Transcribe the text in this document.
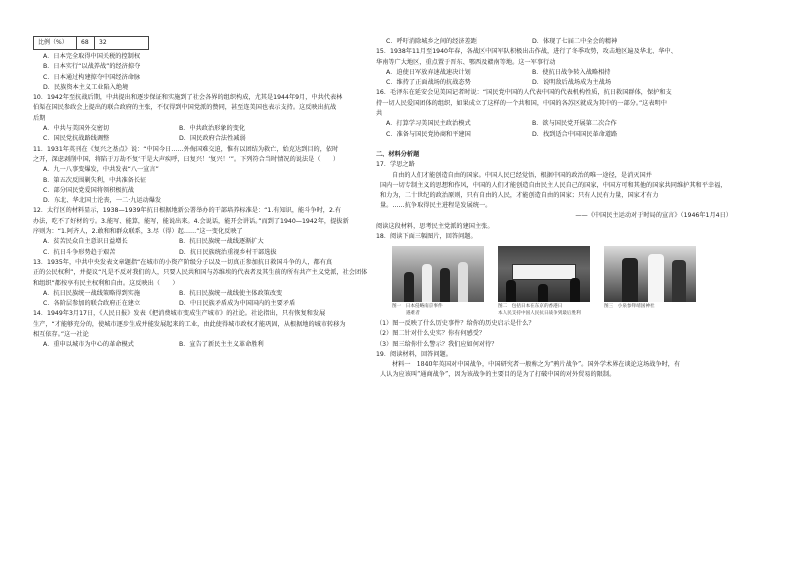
比例（%）	68	32
A．日本完全取得中国关税的控制权
B．日本实行“以战养战”的经济掠夺
C．日本通过构建掠夺中国经济命脉
D．民族资本主义工业陷入绝境
10．1942年至抗战后期，中共提出和逐步保证和实施到了社会各界的组织构成，尤其是1944年9月，中共代表林
伯渠在国民参政会上提出的联合政府的主张，不仅得到中国党派的赞同，甚至连美国也表示支持。这反映出抗战
后期
A．中共与美国外交密切	B．中共政治形象的变化
C．国民党抗战路线调整	D．国民政府合法性减弱
11．1931年英刊在《复兴之基点》说：“中国今日……外侮国难交迫，惟有以团结为救亡，始克达到目的，依时
之开，深虑剥削中国，将陷于万劫不复‘干是大声疾呼，曰复兴！’复兴！’”。下列符合当时情况的说法是（　　）
A．九一八事变爆发，中共发表“八一宣言”
B．第五次反围剿失利，中共准备长征
C．部分国民党爱国将领积极抗战
D．东北、华北国土沦丧，一二·九运动爆发
12．太行区的材料显示，1938—1939年抗日根据地新公署举办的干部培养标准是：“1.有知识，能斗争时，2.有
办法，吃不了好材的亏。3.能写、能算，能写，能说出来。4.会说话，能开会讲话。”而到了1940—1942年，提拔新
序则为：“1.阿齐人，2.敢和和群众联系，3.尽（得）起……”这一变化反映了
A．贫苦民众自主意识日益增长	B．抗日民族统一战线逐渐扩大
C．抗日斗争形势趋于艰苦	D．抗日民族统治重视乡村干部选拔
13．1935年，中共中央发表文章题指“在城市的小资产阶级分子以及一切真正参加抗日救国斗争的人，都有真
正的公民权利”，并提议“凡是不反对我们的人，只要人民共和国与苏维埃的代表者及其生前的所有共产主义党派，社会团体
和组织”都按享有民主权利和自由。这反映出（　　）
A．抗日民族统一战线策略得到实施	B．抗日民族统一战线使主体政策改变
C．各阶层参加的联合政府正在建立	D．中日民族矛盾成为中国国内的主要矛盾
14．1949年3月17日，《人民日报》发表《把消费城市变成生产城市》的社论。社论指出，只有恢复和发展
生产，“才能够充分的，使城市逐步生成并能发展起来的工业，由此使得城市政权才能巩固，从根据地的城市转移为
相互依存。”这一社论
A．重申以城市为中心的革命模式	B．宣告了新民主主义革命胜利
C．呼吁消除城乡之间的经济差距	D．体现了七届二中全会的精神
15．1938年11月至1940年春，各战区中国军队积极出击作战，进行了冬季攻势，攻击地区遍及华北、华中、
华南等广大地区，重点置于晋东、鄂西及赣南等地。这一军事行动
A．迫使日军放弃速战速决计划	B．使抗日战争转入战略相持
C．维持了正面战场的抗战态势	D．说明敌后战场成为主战场
16．毛泽东在延安会见美国记者时说：“国民党中国的人代表中国的代表机构性质，抗日救国群体，保护和支
持一切人民爱国团体的组织，如果成立了这样的一个共和国，中国的各苏区就成为其中的一部分。”这表明中
共
A．打算学习美国民主政治模式	B．欲与国民党开展第二次合作
C．准备与国民党协商和平建国	D．找到适合中国国民革命道路
二、材料分析题
17．学思之路
自由的人们才能创造自由的国家。中国人民已经觉悟，根据中国的政治的唯一途径，是消灭国并
国内一切专制主义的思想和作风，中国的人们才能创造自由民主人民自己的国家，中国方可和其他的国家共同维护其和平幸福，
和力为，二十世纪的政治原则，只有自由的人民，才能创造自由的国家；只有人民有力量，国家才有力
量。……抗争取得民主进程是发展统一。
——《中国民主运动对于时局的宣言》（1946年1月4日）
阅读这段材料，思考民主党派的建国主张。
18．阅读下面三幅图片，回答问题。
图一　日本侵略南京事件
遇难者
图二　包括日本在东京的香港日
本人民支持中国人民抗日战争到最后胜利
图三　小泉参拜靖国神社
（1）图一反映了什么历史事件？给你的历史启示是什么？
（2）图二针对什么史实？你有何感受？
（3）图三给你什么警示？我们应如何对待？
19．阅读材料，回答问题。
材料一　1840年英国对中国战争，中国研究者一般称之为“鸦片战争”。国外学术界在谈论这场战争时，有
人认为应该叫“通商战争”，因为该战争的主要目的是为了打破中国的对外贸易的限制。
